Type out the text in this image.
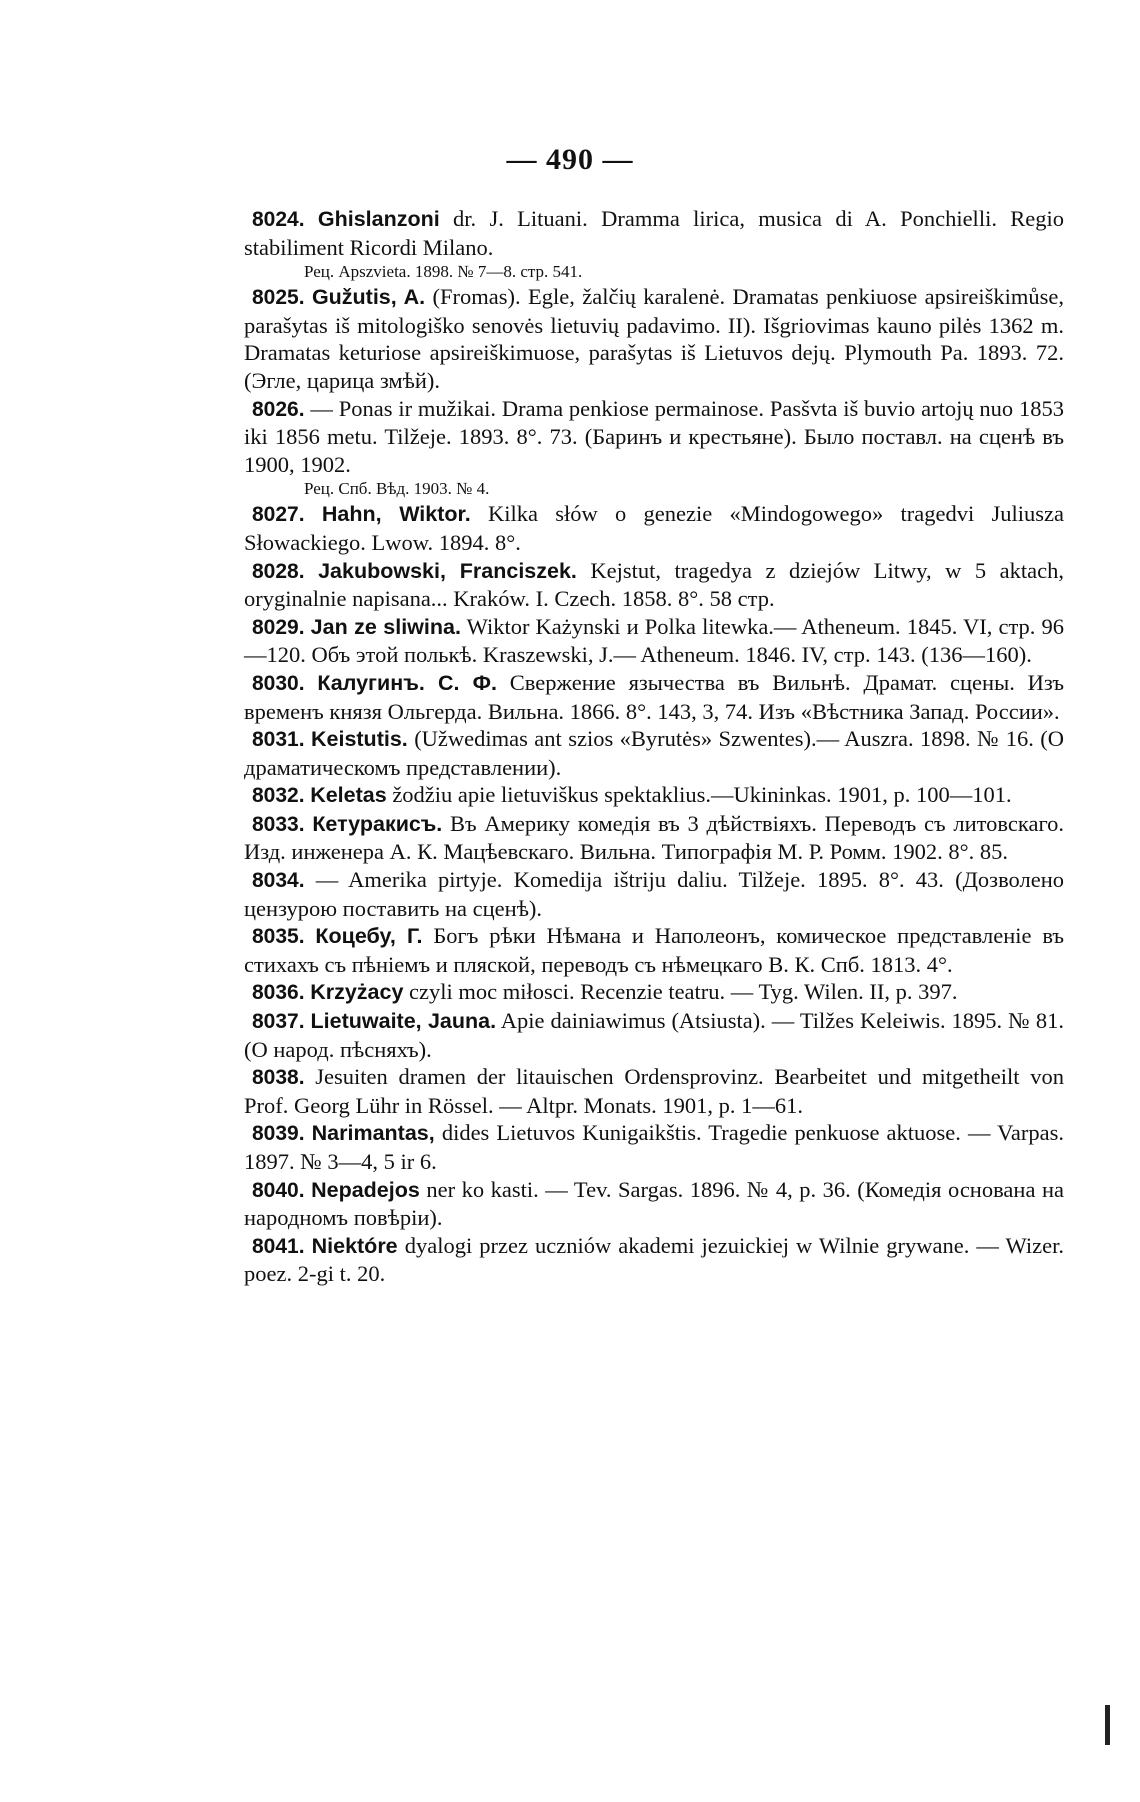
— 490 —

8024. Ghislanzoni dr. J. Lituani. Dramma lirica, musica di A. Ponchielli. Regio stabiliment Ricordi Milano.
Рец. Apszvieta. 1898. № 7—8. стр. 541.

8025. Gužutis, A. (Fromas). Egle, žalčių karalenė. Dramatas penkiuose apsireiškimůse, parašytas iš mitologiško senovės lietuvių padavimo. II). Išgriovimas kauno pilės 1362 m. Dramatas keturiose apsireiškimuose, parašytas iš Lietuvos dejų. Plymouth Pa. 1893. 72. (Эгле, царица змѣй).

8026. — Ponas ir mužikai. Drama penkiose permainose. Pasšvta iš buvio artojų nuo 1853 iki 1856 metu. Tilžeje. 1893. 8°. 73. (Баринъ и крестьяне). Было поставл. на сценѣ въ 1900, 1902.
Рец. Спб. Вѣд. 1903. № 4.

8027. Hahn, Wiktor. Kilka słów o genezie «Mindogowego» tragedvi Juliusza Słowackiego. Lwow. 1894. 8°.

8028. Jakubowski, Franciszek. Kejstut, tragedya z dziejów Litwy, w 5 aktach, oryginalnie napisana... Kraków. I. Czech. 1858. 8°. 58 стр.

8029. Jan ze sliwina. Wiktor Każynski и Polka litewka.— Atheneum. 1845. VI, стр. 96—120. Объ этой полькѣ. Kraszewski, J.— Atheneum. 1846. IV, стр. 143. (136—160).

8030. Калугинъ. С. Ф. Свержение язычества въ Вильнѣ. Драмат. сцены. Изъ временъ князя Ольгерда. Вильна. 1866. 8°. 143, 3, 74. Изъ «Вѣстника Запад. России».

8031. Keistutis. (Užwedimas ant szios «Byrutės» Szwentes).— Auszra. 1898. № 16. (О драматическомъ представлении).

8032. Keletas žodžiu apie lietuviškus spektaklius.—Ukininkas. 1901, p. 100—101.

8033. Кетуракисъ. Въ Америку комедія въ 3 дѣйствіяхъ. Переводъ съ литовскаго. Изд. инженера А. К. Мацѣевскаго. Вильна. Типографія М. Р. Ромм. 1902. 8°. 85.

8034. — Amerika pirtyje. Komedija ištriju daliu. Tilžeje. 1895. 8°. 43. (Дозволено цензурою поставить на сценѣ).

8035. Коцебу, Г. Богъ рѣки Нѣмана и Наполеонъ, комическое представленіе въ стихахъ съ пѣніемъ и пляской, переводъ съ нѣмецкаго В. К. Спб. 1813. 4°.

8036. Krzyżacy czyli moc miłosci. Recenzie teatru. — Tyg. Wilen. II, p. 397.

8037. Lietuwaite, Jauna. Apie dainiawimus (Atsiusta). — Tilžes Keleiwis. 1895. № 81. (О народ. пѣсняхъ).

8038. Jesuiten dramen der litauischen Ordensprovinz. Bearbeitet und mitgetheilt von Prof. Georg Lühr in Rössel. — Altpr. Monats. 1901, p. 1—61.

8039. Narimantas, dides Lietuvos Kunigaikštis. Tragedie penkuose aktuose. — Varpas. 1897. № 3—4, 5 ir 6.

8040. Nepadejos ner ko kasti. — Tev. Sargas. 1896. № 4, p. 36. (Комедія основана на народномъ повѣріи).

8041. Niektóre dyalogi przez uczniów akademi jezuickiej w Wilnie grywane. — Wizer. poez. 2-gi t. 20.
